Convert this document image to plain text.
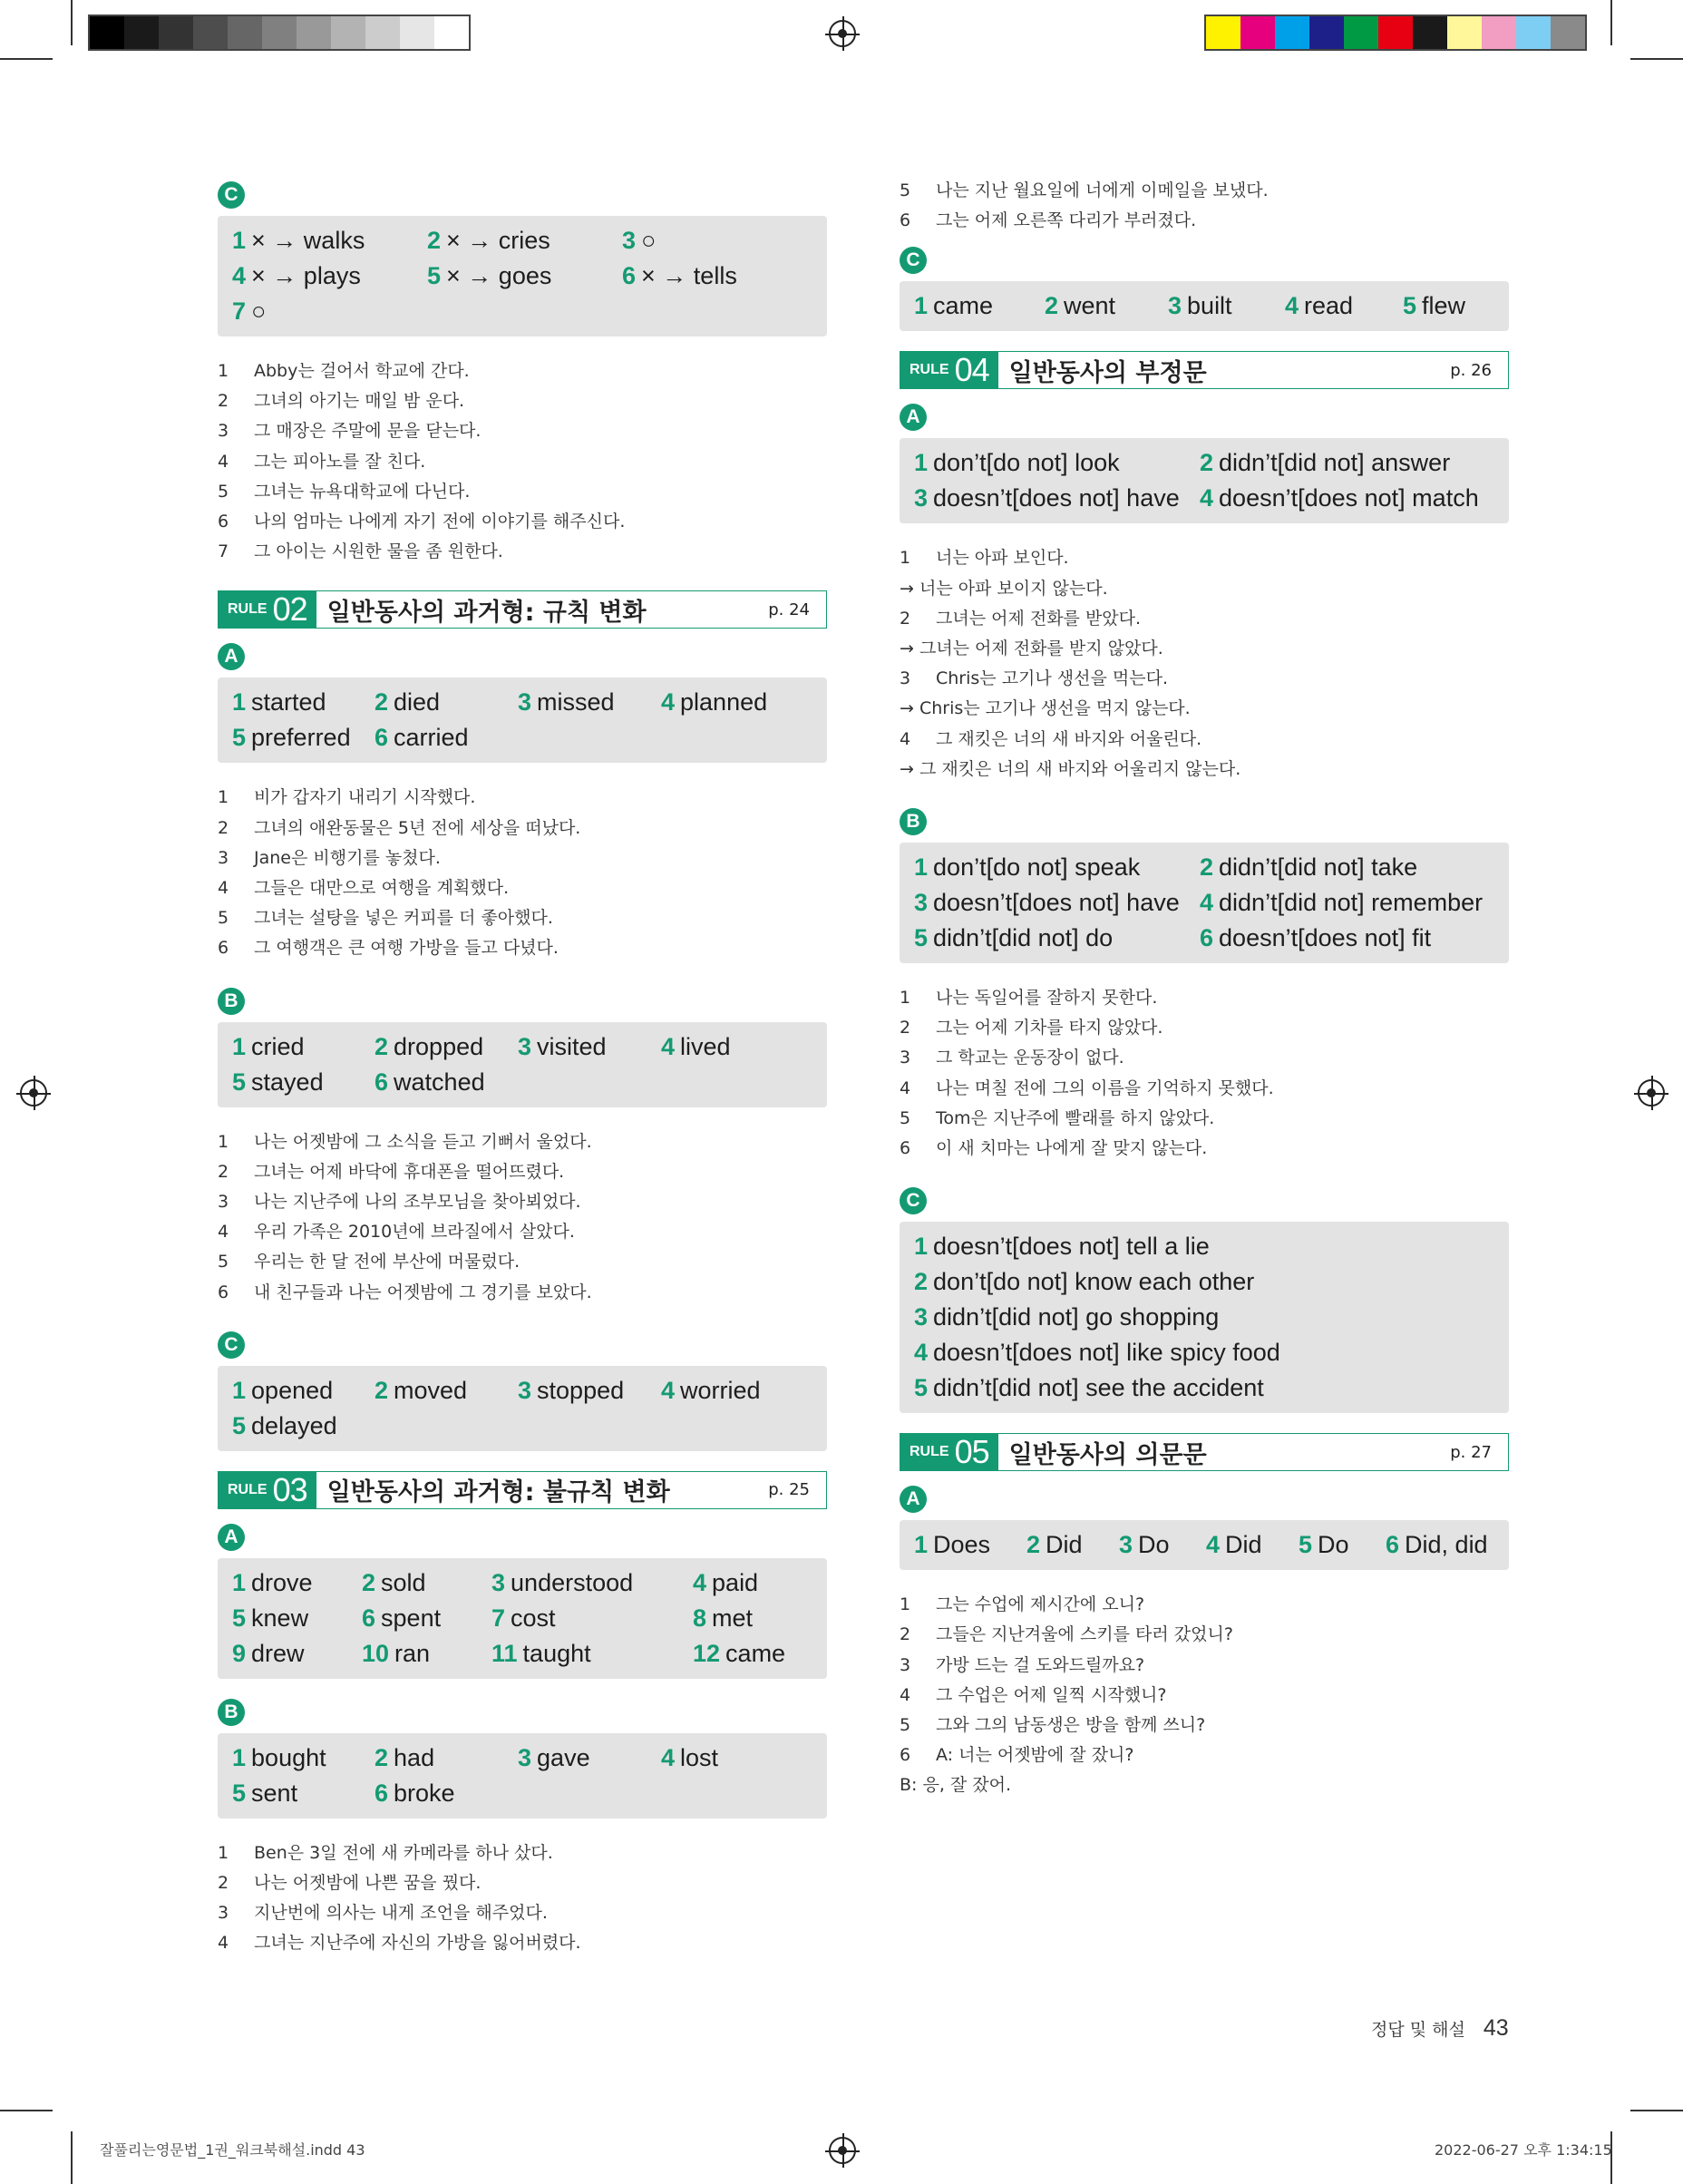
C
1 × → walks	2 × → cries	3 ○
4 × → plays	5 × → goes	6 × → tells
7 ○
1	Abby는 걸어서 학교에 간다.
2	그녀의 아기는 매일 밤 운다.
3	그 매장은 주말에 문을 닫는다.
4	그는 피아노를 잘 친다.
5	그녀는 뉴욕대학교에 다닌다.
6	나의 엄마는 나에게 자기 전에 이야기를 해주신다.
7	그 아이는 시원한 물을 좀 원한다.
RULE 02 일반동사의 과거형: 규칙 변화	p. 24
A
1 started	2 died	3 missed	4 planned
5 preferred 6 carried
1	비가 갑자기 내리기 시작했다.
2	그녀의 애완동물은 5년 전에 세상을 떠났다.
3	Jane은 비행기를 놓쳤다.
4	그들은 대만으로 여행을 계획했다.
5	그녀는 설탕을 넣은 커피를 더 좋아했다.
6	그 여행객은 큰 여행 가방을 들고 다녔다.
B
1 cried	2 dropped	3 visited	4 lived
5 stayed	6 watched
1	나는 어젯밤에 그 소식을 듣고 기뻐서 울었다.
2	그녀는 어제 바닥에 휴대폰을 떨어뜨렸다.
3	나는 지난주에 나의 조부모님을 찾아뵈었다.
4	우리 가족은 2010년에 브라질에서 살았다.
5	우리는 한 달 전에 부산에 머물렀다.
6	내 친구들과 나는 어젯밤에 그 경기를 보았다.
C
1 opened	2 moved	3 stopped	4 worried
5 delayed
RULE 03 일반동사의 과거형: 불규칙 변화	p. 25
A
1 drove	2 sold	3 understood	4 paid
5 knew	6 spent	7 cost	8 met
9 drew	10 ran	11 taught	12 came
B
1 bought	2 had	3 gave	4 lost
5 sent	6 broke
1	Ben은 3일 전에 새 카메라를 하나 샀다.
2	나는 어젯밤에 나쁜 꿈을 꿨다.
3	지난번에 의사는 내게 조언을 해주었다.
4	그녀는 지난주에 자신의 가방을 잃어버렸다.
5	나는 지난 월요일에 너에게 이메일을 보냈다.
6	그는 어제 오른쪽 다리가 부러졌다.
C
1 came	2 went	3 built	4 read	5 flew
RULE 04 일반동사의 부정문	p. 26
A
1 don’t[do not] look	2 didn’t[did not] answer
3 doesn’t[does not] have 4 doesn’t[does not] match
1	너는 아파 보인다.
→ 너는 아파 보이지 않는다.
2	그녀는 어제 전화를 받았다.
→ 그녀는 어제 전화를 받지 않았다.
3	Chris는 고기나 생선을 먹는다.
→ Chris는 고기나 생선을 먹지 않는다.
4	그 재킷은 너의 새 바지와 어울린다.
→ 그 재킷은 너의 새 바지와 어울리지 않는다.
B
1 don’t[do not] speak	2 didn’t[did not] take
3 doesn’t[does not] have 4 didn’t[did not] remember
5 didn’t[did not] do	6 doesn’t[does not] fit
1	나는 독일어를 잘하지 못한다.
2	그는 어제 기차를 타지 않았다.
3	그 학교는 운동장이 없다.
4	나는 며칠 전에 그의 이름을 기억하지 못했다.
5	Tom은 지난주에 빨래를 하지 않았다.
6	이 새 치마는 나에게 잘 맞지 않는다.
C
1 doesn’t[does not] tell a lie
2 don’t[do not] know each other
3 didn’t[did not] go shopping
4 doesn’t[does not] like spicy food
5 didn’t[did not] see the accident
RULE 05 일반동사의 의문문	p. 27
A
1 Does	2 Did	3 Do	4 Did	5 Do	6 Did, did
1	그는 수업에 제시간에 오니?
2	그들은 지난겨울에 스키를 타러 갔었니?
3	가방 드는 걸 도와드릴까요?
4	그 수업은 어제 일찍 시작했니?
5	그와 그의 남동생은 방을 함께 쓰니?
6	A: 너는 어젯밤에 잘 잤니?
B: 응, 잘 잤어.
정답 및 해설 43
잘풀리는영문법_1권_워크북해설.indd 43	2022-06-27 오후 1:34:15
